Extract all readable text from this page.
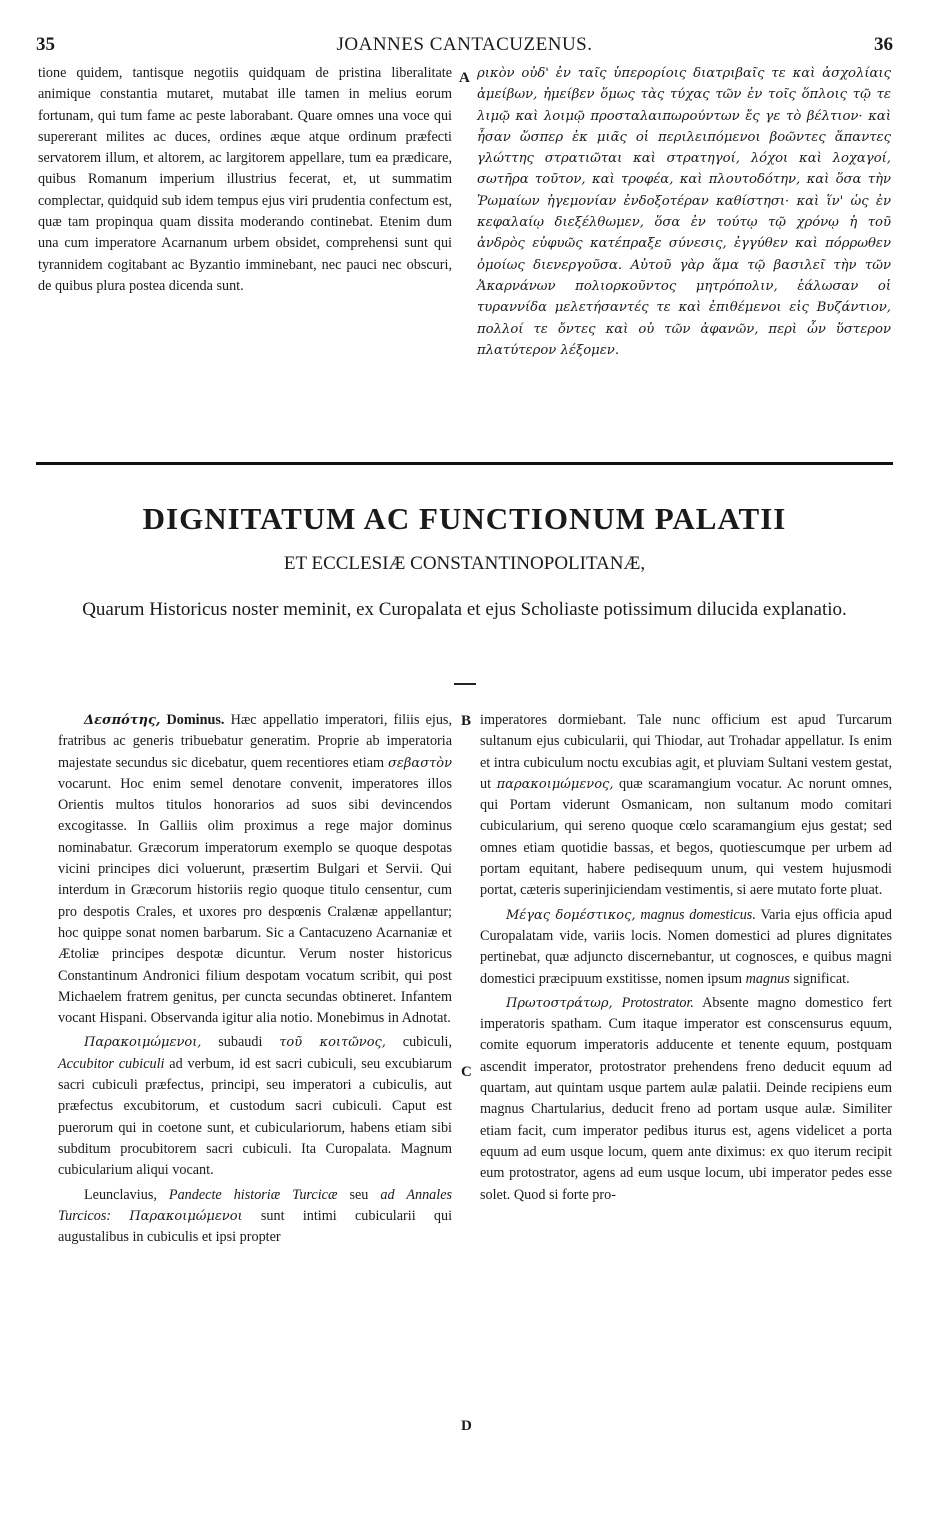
35	JOANNES CANTACUZENUS.	36

tione quidem, tantisque negotiis quidquam de pristina liberalitate animique constantia mutaret, mutabat ille tamen in melius eorum fortunam, qui tum fame ac peste laborabant. Quare omnes una voce qui supererant milites ac duces, ordines æque atque ordinum præfecti servatorem illum, et altorem, ac largitorem appellare, tum ea prædicare, quibus Romanum imperium illustrius fecerat, et, ut summatim complectar, quidquid sub idem tempus ejus viri prudentia confectum est, quæ tam propinqua quam dissita moderando continebat. Etenim dum una cum imperatore Acarnanum urbem obsidet, comprehensi sunt qui tyrannidem cogitabant ac Byzantio imminebant, nec pauci nec obscuri, de quibus plura postea dicenda sunt.

A ρικὸν οὐδ' ἐν ταῖς ὑπερορίοις διατριβαῖς τε καὶ ἀσχολίαις ἀμείβων, ἠμείβεν ὅμως τὰς τύχας τῶν ἐν τοῖς ὅπλοις τῷ τε λιμῷ καὶ λοιμῷ προσταλαιπωρούντων ἔς γε τὸ βέλτιον· καὶ ἦσαν ὥσπερ ἐκ μιᾶς οἱ περιλειπόμενοι βοῶντες ἅπαντες γλώττης στρατιῶται καὶ στρατηγοί, λόχοι καὶ λοχαγοί, σωτῆρα τοῦτον, καὶ τροφέα, καὶ πλουτοδότην, καὶ ὅσα τὴν Ῥωμαίων ἡγεμονίαν ἐνδοξοτέραν καθίστησι· καὶ ἵν' ὡς ἐν κεφαλαίῳ διεξέλθωμεν, ὅσα ἐν τούτῳ τῷ χρόνῳ ἡ τοῦ ἀνδρὸς εὐφυῶς κατέπραξε σύνεσις, ἐγγύθεν καὶ πόρρωθεν ὁμοίως διενεργοῦσα. Αὐτοῦ γὰρ ἅμα τῷ βασιλεῖ τὴν τῶν Ἀκαρνάνων πολιορκοῦντος μητρόπολιν, ἑάλωσαν οἱ τυραννίδα μελετήσαντές τε καὶ ἐπιθέμενοι εἰς Βυζάντιον, πολλοί τε ὄντες καὶ οὐ τῶν ἀφανῶν, περὶ ὧν ὕστερον πλατύτερον λέξομεν.

DIGNITATUM AC FUNCTIONUM PALATII
ET ECCLESIÆ CONSTANTINOPOLITANÆ,
Quarum Historicus noster meminit, ex Curopalata et ejus Scholiaste potissimum dilucida explanatio.

Δεσπότης, Dominus. Hæc appellatio imperatori, filiis ejus, fratribus ac generis tribuebatur generatim. Proprie ab imperatoria majestate secundus sic dicebatur, quem recentiores etiam σεβαστὸν vocarunt. Hoc enim semel denotare convenit, imperatores illos Orientis multos titulos honorarios ad suos sibi devincendos excogitasse. In Galliis olim proximus a rege major dominus nominabatur. Græcorum imperatorum exemplo se quoque despotas vicini principes dici voluerunt, præsertim Bulgari et Servii. Qui interdum in Græcorum historiis regio quoque titulo censentur, cum pro despotis Crales, et uxores pro despœnis Cralænæ appellantur; hoc quippe sonat nomen barbarum. Sic a Cantacuzeno Acarnaniæ et Ætoliæ principes despotæ dicuntur. Verum noster historicus Constantinum Andronici filium despotam vocatum scribit, qui post Michaelem fratrem genitus, per cuncta secundas obtineret. Infantem vocant Hispani. Observanda igitur alia notio. Monebimus in Adnotat.

Παρακοιμώμενοι, subaudi τοῦ κοιτῶνος, cubiculi, Accubitor cubiculi ad verbum, id est sacri cubiculi, seu excubiarum sacri cubiculi præfectus, principi, seu imperatori a cubiculis, aut præfectus excubitorum, et custodum sacri cubiculi. Caput est puerorum qui in coetone sunt, et cubiculariorum, habens etiam sibi subditum procubitorem sacri cubiculi. Ita Curopalata. Magnum cubicularium aliqui vocant.

Leunclavius, Pandecte historiæ Turcicæ seu ad Annales Turcicos: Παρακοιμώμενοι sunt intimi cubicularii qui augustalibus in cubiculis et ipsi propter

B
C
D

imperatores dormiebant. Tale nunc officium est apud Turcarum sultanum ejus cubicularii, qui Thiodar, aut Trohadar appellatur. Is enim et intra cubiculum noctu excubias agit, et pluviam Sultani vestem gestat, ut παρακοιμώμενος, quæ scaramangium vocatur. Ac norunt omnes, qui Portam viderunt Osmanicam, non sultanum modo comitari cubicularium, qui sereno quoque cœlo scaramangium ejus gestat; sed omnes etiam quotidie bassas, et begos, quotiescumque per urbem ad portam equitant, habere pedisequum unum, qui vestem hujusmodi portat, cæteris superinjiciendam vestimentis, si aere mutato forte pluat.

Μέγας δομέστικος, magnus domesticus. Varia ejus officia apud Curopalatam vide, variis locis. Nomen domestici ad plures dignitates pertinebat, quæ adjuncto discernebantur, ut cognosces, e quibus magni domestici præcipuum exstitisse, nomen ipsum magnus significat.

Πρωτοστράτωρ, Protostrator. Absente magno domestico fert imperatoris spatham. Cum itaque imperator est conscensurus equum, comite equorum imperatoris adducente et tenente equum, postquam ascendit imperator, protostrator prehendens freno deducit equum ad quartam, aut quintam usque partem aulæ palatii. Deinde recipiens eum magnus Chartularius, deducit freno ad portam usque aulæ. Similiter etiam facit, cum imperator pedibus iturus est, agens videlicet a porta equum ad eum usque locum, quem ante diximus: ex quo iterum recipit eum protostrator, agens ad eum usque locum, ubi imperator pedes esse solet. Quod si forte pro-
